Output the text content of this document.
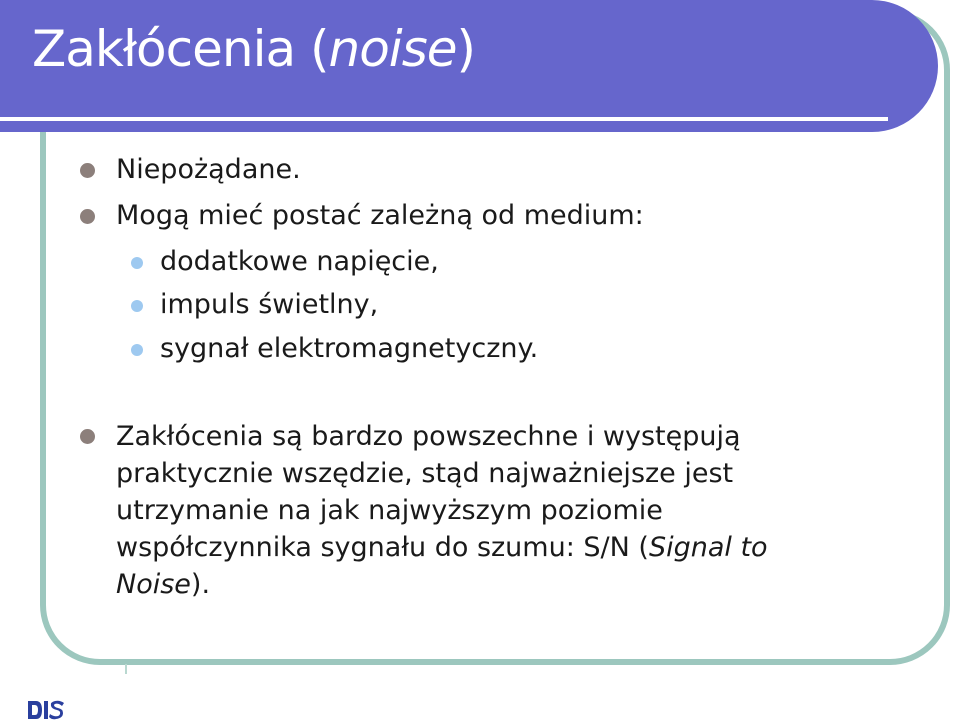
Zakłócenia (noise)
Niepożądane.
Mogą mieć postać zależną od medium:
dodatkowe napięcie,
impuls świetlny,
sygnał elektromagnetyczny.
Zakłócenia są bardzo powszechne i występują
praktycznie wszędzie, stąd najważniejsze jest
utrzymanie na jak najwyższym poziomie
współczynnika sygnału do szumu: S/N (Signal to
Noise).
